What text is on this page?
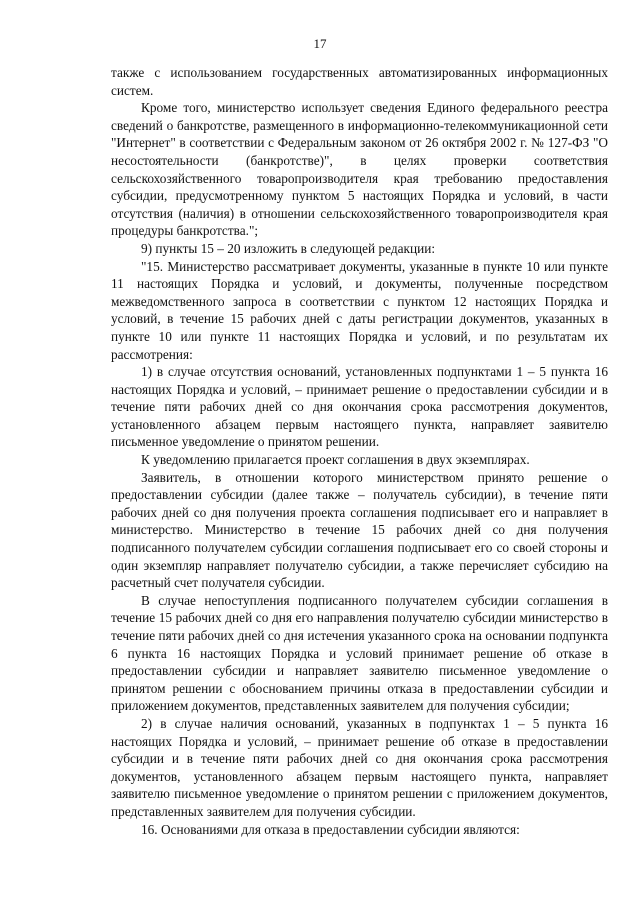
17

также с использованием государственных автоматизированных информационных систем.

Кроме того, министерство использует сведения Единого федерального реестра сведений о банкротстве, размещенного в информационно-телекоммуникационной сети "Интернет" в соответствии с Федеральным законом от 26 октября 2002 г. № 127-ФЗ "О несостоятельности (банкротстве)", в целях проверки соответствия сельскохозяйственного товаропроизводителя края требованию предоставления субсидии, предусмотренному пунктом 5 настоящих Порядка и условий, в части отсутствия (наличия) в отношении сельскохозяйственного товаропроизводителя края процедуры банкротства.";

9) пункты 15 – 20 изложить в следующей редакции:

"15. Министерство рассматривает документы, указанные в пункте 10 или пункте 11 настоящих Порядка и условий, и документы, полученные посредством межведомственного запроса в соответствии с пунктом 12 настоящих Порядка и условий, в течение 15 рабочих дней с даты регистрации документов, указанных в пункте 10 или пункте 11 настоящих Порядка и условий, и по результатам их рассмотрения:

1) в случае отсутствия оснований, установленных подпунктами 1 – 5 пункта 16 настоящих Порядка и условий, – принимает решение о предоставлении субсидии и в течение пяти рабочих дней со дня окончания срока рассмотрения документов, установленного абзацем первым настоящего пункта, направляет заявителю письменное уведомление о принятом решении.

К уведомлению прилагается проект соглашения в двух экземплярах.

Заявитель, в отношении которого министерством принято решение о предоставлении субсидии (далее также – получатель субсидии), в течение пяти рабочих дней со дня получения проекта соглашения подписывает его и направляет в министерство. Министерство в течение 15 рабочих дней со дня получения подписанного получателем субсидии соглашения подписывает его со своей стороны и один экземпляр направляет получателю субсидии, а также перечисляет субсидию на расчетный счет получателя субсидии.

В случае непоступления подписанного получателем субсидии соглашения в течение 15 рабочих дней со дня его направления получателю субсидии министерство в течение пяти рабочих дней со дня истечения указанного срока на основании подпункта 6 пункта 16 настоящих Порядка и условий принимает решение об отказе в предоставлении субсидии и направляет заявителю письменное уведомление о принятом решении с обоснованием причины отказа в предоставлении субсидии и приложением документов, представленных заявителем для получения субсидии;

2) в случае наличия оснований, указанных в подпунктах 1 – 5 пункта 16 настоящих Порядка и условий, – принимает решение об отказе в предоставлении субсидии и в течение пяти рабочих дней со дня окончания срока рассмотрения документов, установленного абзацем первым настоящего пункта, направляет заявителю письменное уведомление о принятом решении с приложением документов, представленных заявителем для получения субсидии.

16. Основаниями для отказа в предоставлении субсидии являются:
